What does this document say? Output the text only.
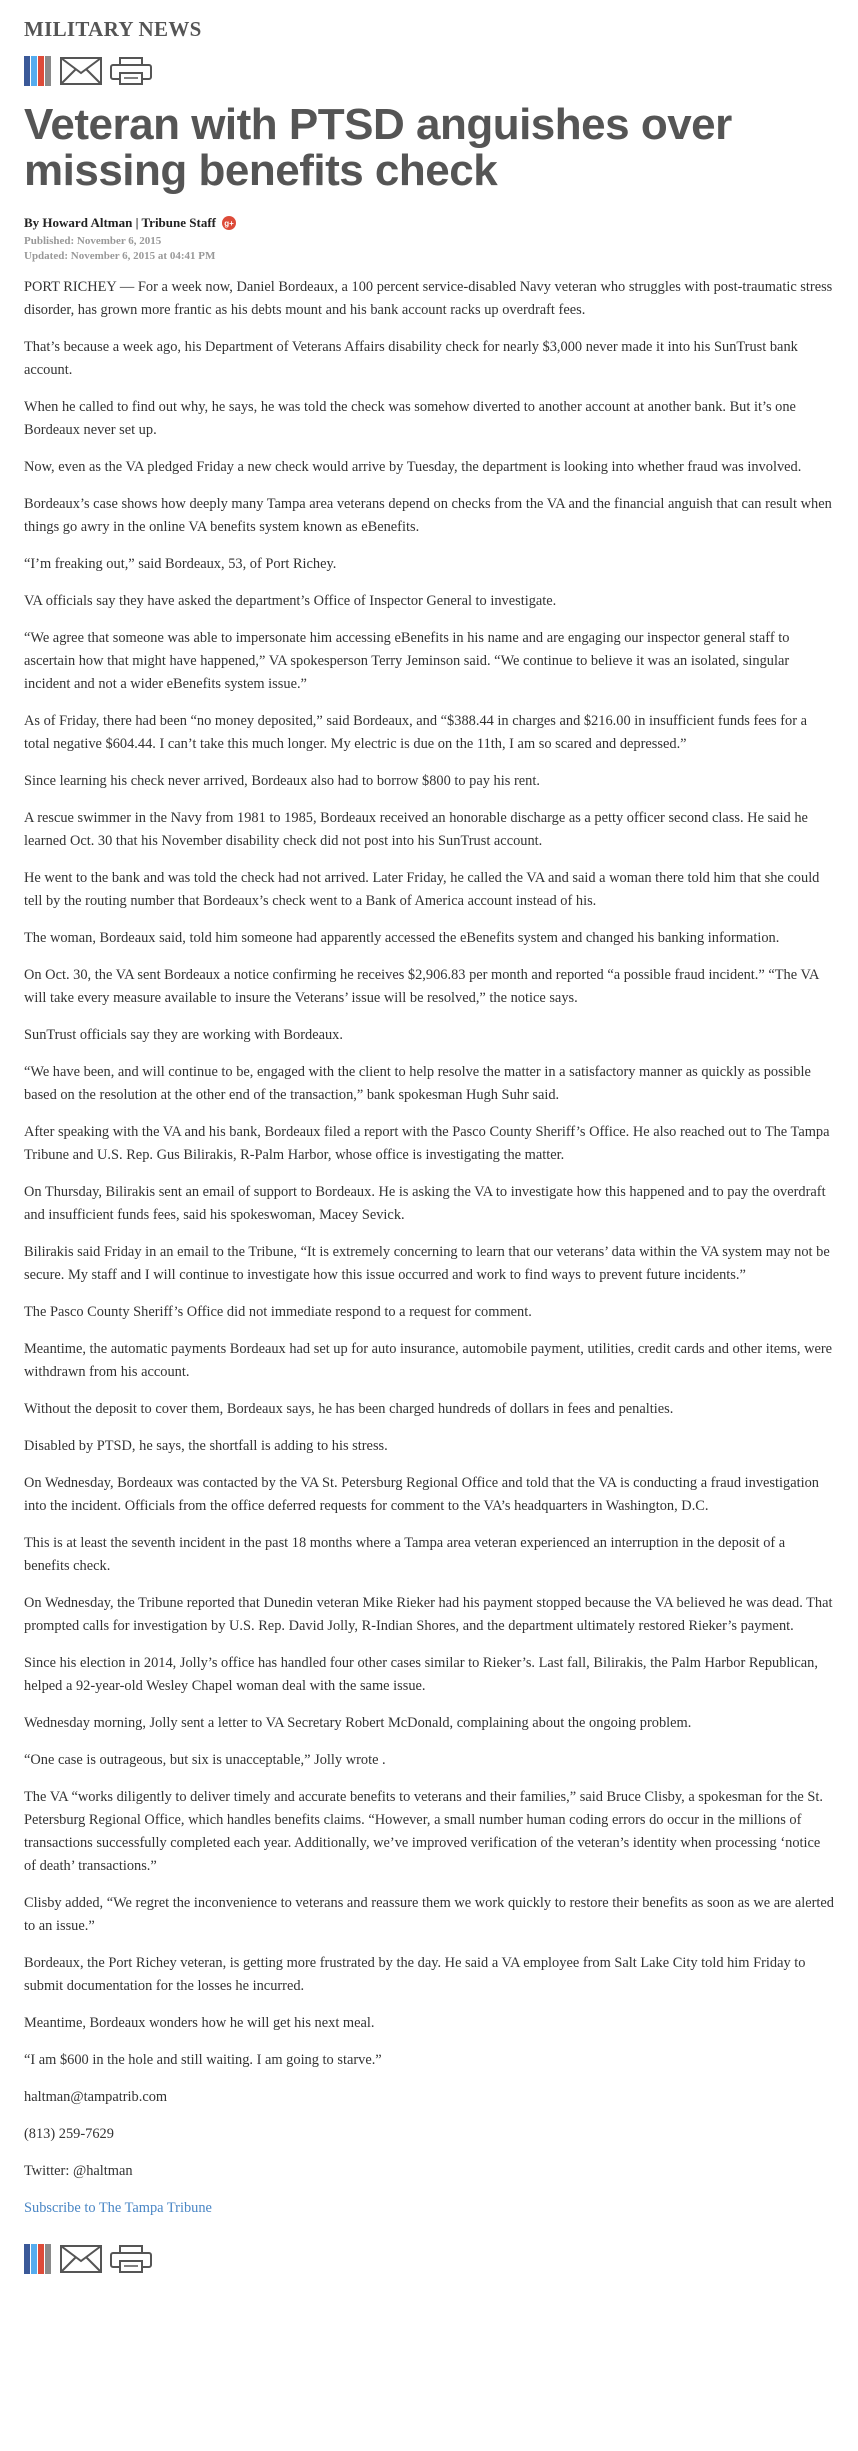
MILITARY NEWS
Veteran with PTSD anguishes over missing benefits check
By Howard Altman | Tribune Staff g+
Published: November 6, 2015
Updated: November 6, 2015 at 04:41 PM

PORT RICHEY — For a week now, Daniel Bordeaux, a 100 percent service-disabled Navy veteran who struggles with post-traumatic stress disorder, has grown more frantic as his debts mount and his bank account racks up overdraft fees.

That’s because a week ago, his Department of Veterans Affairs disability check for nearly $3,000 never made it into his SunTrust bank account.

When he called to find out why, he says, he was told the check was somehow diverted to another account at another bank. But it’s one Bordeaux never set up.

Now, even as the VA pledged Friday a new check would arrive by Tuesday, the department is looking into whether fraud was involved.

Bordeaux’s case shows how deeply many Tampa area veterans depend on checks from the VA and the financial anguish that can result when things go awry in the online VA benefits system known as eBenefits.

“I’m freaking out,” said Bordeaux, 53, of Port Richey.

VA officials say they have asked the department’s Office of Inspector General to investigate.

“We agree that someone was able to impersonate him accessing eBenefits in his name and are engaging our inspector general staff to ascertain how that might have happened,” VA spokesperson Terry Jeminson said. “We continue to believe it was an isolated, singular incident and not a wider eBenefits system issue.”

As of Friday, there had been “no money deposited,” said Bordeaux, and “$388.44 in charges and $216.00 in insufficient funds fees for a total negative $604.44. I can’t take this much longer. My electric is due on the 11th, I am so scared and depressed.”

Since learning his check never arrived, Bordeaux also had to borrow $800 to pay his rent.

A rescue swimmer in the Navy from 1981 to 1985, Bordeaux received an honorable discharge as a petty officer second class. He said he learned Oct. 30 that his November disability check did not post into his SunTrust account.

He went to the bank and was told the check had not arrived. Later Friday, he called the VA and said a woman there told him that she could tell by the routing number that Bordeaux’s check went to a Bank of America account instead of his.

The woman, Bordeaux said, told him someone had apparently accessed the eBenefits system and changed his banking information.

On Oct. 30, the VA sent Bordeaux a notice confirming he receives $2,906.83 per month and reported “a possible fraud incident.” “The VA will take every measure available to insure the Veterans’ issue will be resolved,” the notice says.

SunTrust officials say they are working with Bordeaux.

“We have been, and will continue to be, engaged with the client to help resolve the matter in a satisfactory manner as quickly as possible based on the resolution at the other end of the transaction,” bank spokesman Hugh Suhr said.

After speaking with the VA and his bank, Bordeaux filed a report with the Pasco County Sheriff’s Office. He also reached out to The Tampa Tribune and U.S. Rep. Gus Bilirakis, R-Palm Harbor, whose office is investigating the matter.

On Thursday, Bilirakis sent an email of support to Bordeaux. He is asking the VA to investigate how this happened and to pay the overdraft and insufficient funds fees, said his spokeswoman, Macey Sevick.

Bilirakis said Friday in an email to the Tribune, “It is extremely concerning to learn that our veterans’ data within the VA system may not be secure. My staff and I will continue to investigate how this issue occurred and work to find ways to prevent future incidents.”

The Pasco County Sheriff’s Office did not immediate respond to a request for comment.

Meantime, the automatic payments Bordeaux had set up for auto insurance, automobile payment, utilities, credit cards and other items, were withdrawn from his account.

Without the deposit to cover them, Bordeaux says, he has been charged hundreds of dollars in fees and penalties.

Disabled by PTSD, he says, the shortfall is adding to his stress.

On Wednesday, Bordeaux was contacted by the VA St. Petersburg Regional Office and told that the VA is conducting a fraud investigation into the incident. Officials from the office deferred requests for comment to the VA’s headquarters in Washington, D.C.

This is at least the seventh incident in the past 18 months where a Tampa area veteran experienced an interruption in the deposit of a benefits check.

On Wednesday, the Tribune reported that Dunedin veteran Mike Rieker had his payment stopped because the VA believed he was dead. That prompted calls for investigation by U.S. Rep. David Jolly, R-Indian Shores, and the department ultimately restored Rieker’s payment.

Since his election in 2014, Jolly’s office has handled four other cases similar to Rieker’s. Last fall, Bilirakis, the Palm Harbor Republican, helped a 92-year-old Wesley Chapel woman deal with the same issue.

Wednesday morning, Jolly sent a letter to VA Secretary Robert McDonald, complaining about the ongoing problem.

“One case is outrageous, but six is unacceptable,” Jolly wrote .

The VA “works diligently to deliver timely and accurate benefits to veterans and their families,” said Bruce Clisby, a spokesman for the St. Petersburg Regional Office, which handles benefits claims. “However, a small number human coding errors do occur in the millions of transactions successfully completed each year. Additionally, we’ve improved verification of the veteran’s identity when processing ‘notice of death’ transactions.”

Clisby added, “We regret the inconvenience to veterans and reassure them we work quickly to restore their benefits as soon as we are alerted to an issue.”

Bordeaux, the Port Richey veteran, is getting more frustrated by the day. He said a VA employee from Salt Lake City told him Friday to submit documentation for the losses he incurred.

Meantime, Bordeaux wonders how he will get his next meal.

“I am $600 in the hole and still waiting. I am going to starve.”

haltman@tampatrib.com

(813) 259-7629

Twitter: @haltman

Subscribe to The Tampa Tribune
